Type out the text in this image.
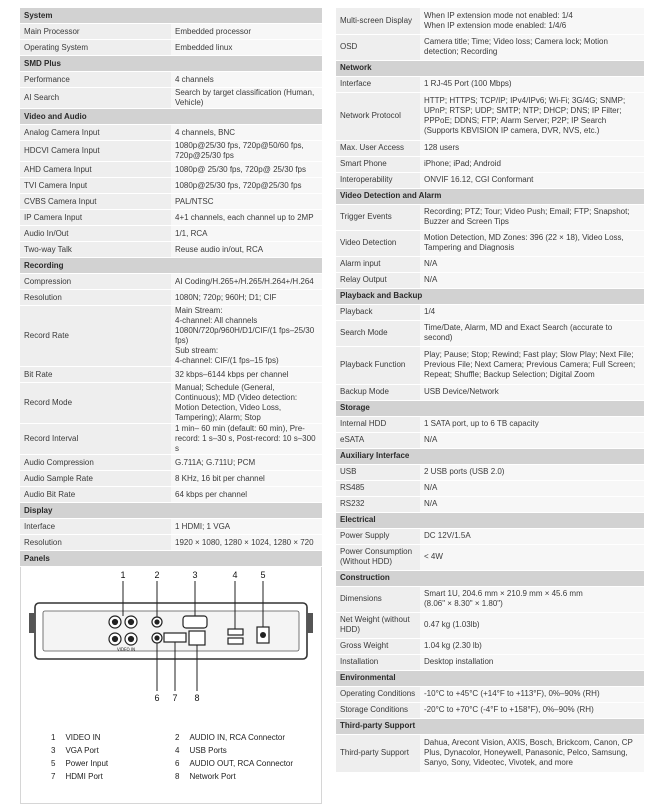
System	
Main Processor	Embedded processor
Operating System	Embedded linux
SMD Plus	
Performance	4 channels
AI Search	Search by target classification (Human, Vehicle)
Video and Audio	
Analog Camera Input	4 channels, BNC
HDCVI Camera Input	1080p@25/30 fps, 720p@50/60 fps, 720p@25/30 fps
AHD Camera Input	1080p@ 25/30 fps, 720p@ 25/30 fps
TVI Camera Input	1080p@25/30 fps, 720p@25/30 fps
CVBS Camera Input	PAL/NTSC
IP Camera Input	4+1 channels, each channel up to 2MP
Audio In/Out	1/1, RCA
Two-way Talk	Reuse audio in/out, RCA
Recording	
Compression	AI Coding/H.265+/H.265/H.264+/H.264
Resolution	1080N; 720p; 960H; D1; CIF
Record Rate	Main Stream:
4-channel: All channels 1080N/720p/960H/D1/CIF/(1 fps–25/30 fps)
Sub stream:
4-channel: CIF/(1 fps–15 fps)
Bit Rate	32 kbps–6144 kbps per channel
Record Mode	Manual; Schedule (General, Continuous); MD (Video detection: Motion Detection, Video Loss, Tampering); Alarm; Stop
Record Interval	1 min– 60 min (default: 60 min), Pre-record: 1 s–30 s, Post-record: 10 s–300 s
Audio Compression	G.711A; G.711U; PCM
Audio Sample Rate	8 KHz, 16 bit per channel
Audio Bit Rate	64 kbps per channel
Display	
Interface	1 HDMI; 1 VGA
Resolution	1920 × 1080, 1280 × 1024, 1280 × 720
Panels	
VIDEO IN
1	2	3	4	5
6 7 8
1 VIDEO IN	2 AUDIO IN, RCA Connector
3 VGA Port	4 USB Ports
5 Power Input	6 AUDIO OUT, RCA Connector
7 HDMI Port	8 Network Port
Multi-screen Display	When IP extension mode not enabled: 1/4
When IP extension mode enabled: 1/4/6
OSD	Camera title; Time; Video loss; Camera lock; Motion detection; Recording
Network	
Interface	1 RJ-45 Port (100 Mbps)
Network Protocol	HTTP; HTTPS; TCP/IP; IPv4/IPv6; Wi-Fi; 3G/4G; SNMP; UPnP; RTSP; UDP; SMTP; NTP; DHCP; DNS; IP Filter; PPPoE; DDNS; FTP; Alarm Server; P2P; IP Search (Supports KBVISION IP camera, DVR, NVS, etc.)
Max. User Access	128 users
Smart Phone	iPhone; iPad; Android
Interoperability	ONVIF 16.12, CGI Conformant
Video Detection and Alarm	
Trigger Events	Recording; PTZ; Tour; Video Push; Email; FTP; Snapshot; Buzzer and Screen Tips
Video Detection	Motion Detection, MD Zones: 396 (22 × 18), Video Loss, Tampering and Diagnosis
Alarm input	N/A
Relay Output	N/A
Playback and Backup	
Playback	1/4
Search Mode	Time/Date, Alarm, MD and Exact Search (accurate to second)
Playback Function	Play; Pause; Stop; Rewind; Fast play; Slow Play; Next File; Previous File; Next Camera; Previous Camera; Full Screen; Repeat; Shuffle; Backup Selection; Digital Zoom
Backup Mode	USB Device/Network
Storage	
Internal HDD	1 SATA port, up to 6 TB capacity
eSATA	N/A
Auxiliary Interface	
USB	2 USB ports (USB 2.0)
RS485	N/A
RS232	N/A
Electrical	
Power Supply	DC 12V/1.5A
Power Consumption (Without HDD)	< 4W
Construction	
Dimensions	Smart 1U, 204.6 mm × 210.9 mm × 45.6 mm
(8.06" × 8.30" × 1.80")
Net Weight (without HDD)	0.47 kg (1.03lb)
Gross Weight	1.04 kg (2.30 lb)
Installation	Desktop installation
Environmental	
Operating Conditions	-10°C to +45°C (+14°F to +113°F), 0%–90% (RH)
Storage Conditions	-20°C to +70°C (-4°F to +158°F), 0%–90% (RH)
Third-party Support	
Third-party Support	Dahua, Arecont Vision, AXIS, Bosch, Brickcom, Canon, CP Plus, Dynacolor, Honeywell, Panasonic, Pelco, Samsung, Sanyo, Sony, Videotec, Vivotek, and more
